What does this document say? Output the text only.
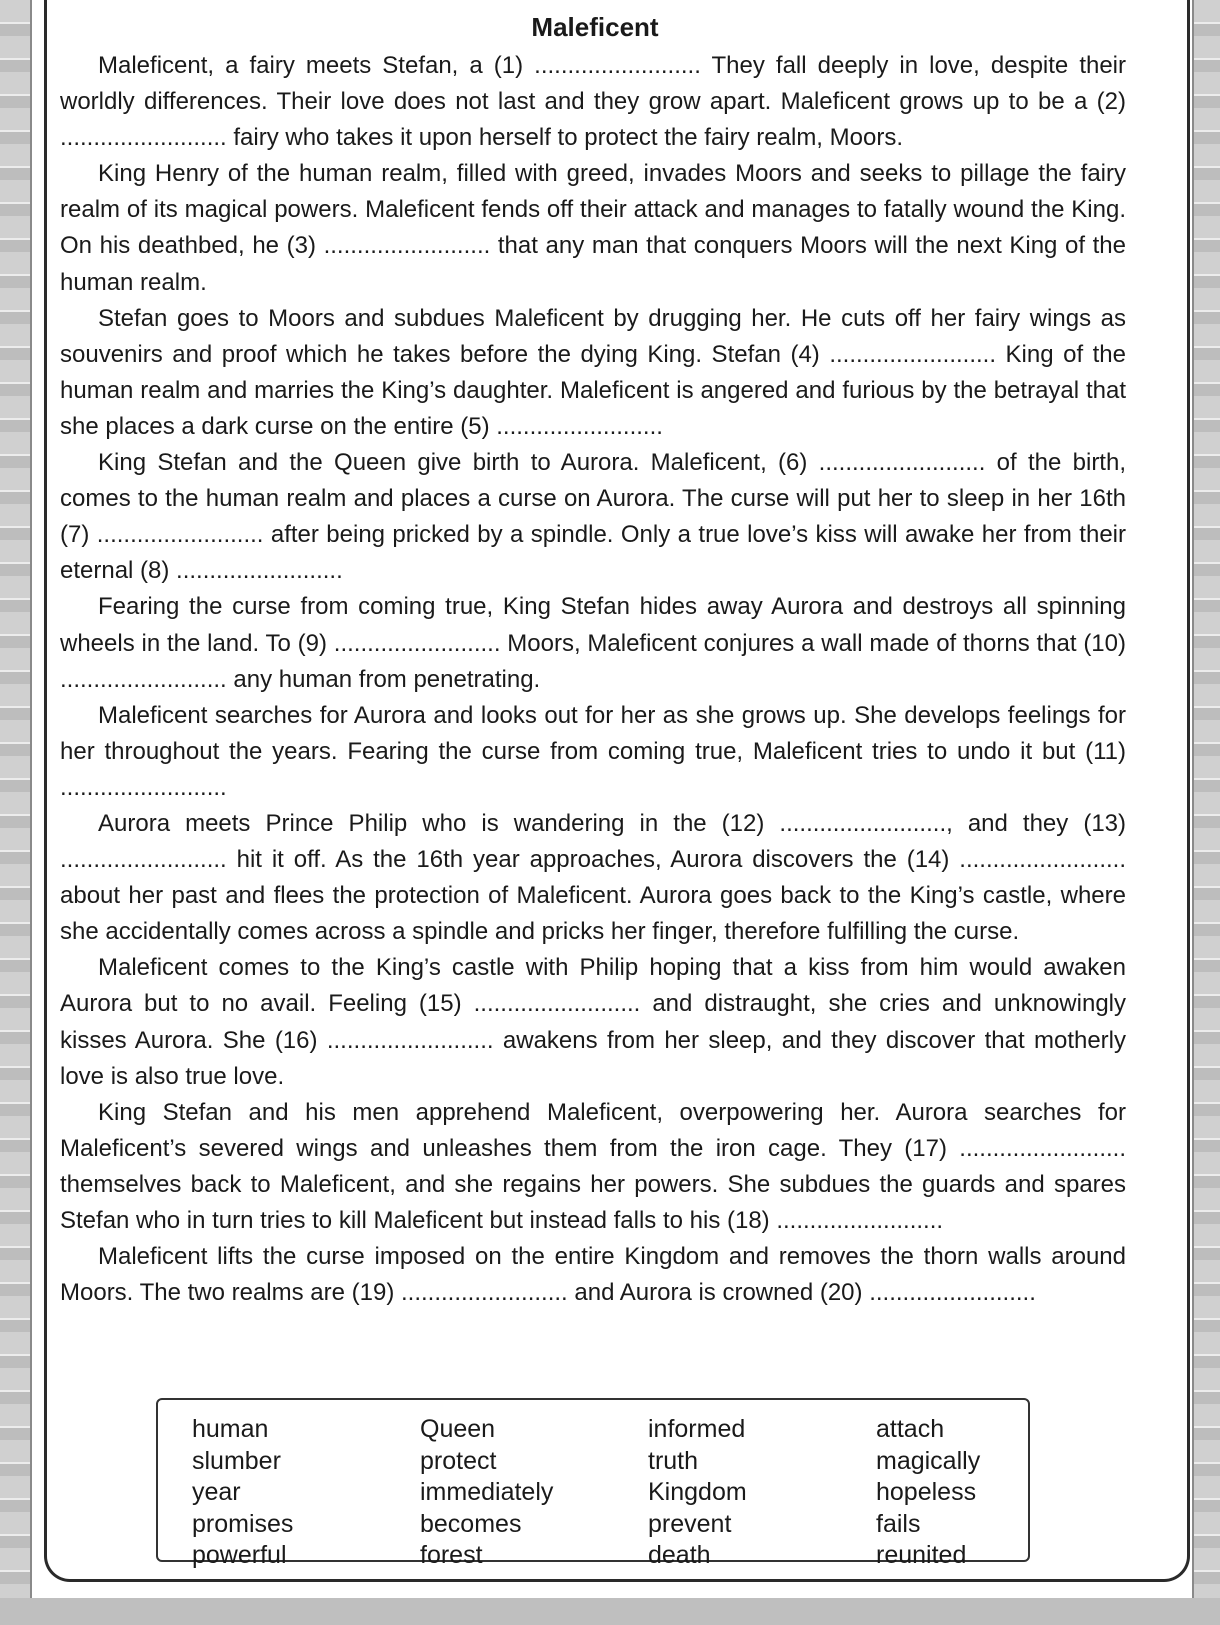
Maleficent

Maleficent, a fairy meets Stefan, a (1) ......................... They fall deeply in love, despite their worldly differences. Their love does not last and they grow apart. Maleficent grows up to be a (2) ......................... fairy who takes it upon herself to protect the fairy realm, Moors.

King Henry of the human realm, filled with greed, invades Moors and seeks to pillage the fairy realm of its magical powers. Maleficent fends off their attack and manages to fatally wound the King. On his deathbed, he (3) ......................... that any man that conquers Moors will the next King of the human realm.

Stefan goes to Moors and subdues Maleficent by drugging her. He cuts off her fairy wings as souvenirs and proof which he takes before the dying King. Stefan (4) ......................... King of the human realm and marries the King’s daughter. Maleficent is angered and furious by the betrayal that she places a dark curse on the entire (5) .........................

King Stefan and the Queen give birth to Aurora. Maleficent, (6) ......................... of the birth, comes to the human realm and places a curse on Aurora. The curse will put her to sleep in her 16th (7) ......................... after being pricked by a spindle. Only a true love’s kiss will awake her from their eternal (8) .........................

Fearing the curse from coming true, King Stefan hides away Aurora and destroys all spinning wheels in the land. To (9) ......................... Moors, Maleficent conjures a wall made of thorns that (10) ......................... any human from penetrating.

Maleficent searches for Aurora and looks out for her as she grows up. She develops feelings for her throughout the years. Fearing the curse from coming true, Maleficent tries to undo it but (11) .........................

Aurora meets Prince Philip who is wandering in the (12) ........................., and they (13) ......................... hit it off. As the 16th year approaches, Aurora discovers the (14) ......................... about her past and flees the protection of Maleficent. Aurora goes back to the King’s castle, where she accidentally comes across a spindle and pricks her finger, therefore fulfilling the curse.

Maleficent comes to the King’s castle with Philip hoping that a kiss from him would awaken Aurora but to no avail. Feeling (15) ......................... and distraught, she cries and unknowingly kisses Aurora. She (16) ......................... awakens from her sleep, and they discover that motherly love is also true love.

King Stefan and his men apprehend Maleficent, overpowering her. Aurora searches for Maleficent’s severed wings and unleashes them from the iron cage. They (17) ......................... themselves back to Maleficent, and she regains her powers. She subdues the guards and spares Stefan who in turn tries to kill Maleficent but instead falls to his (18) .........................

Maleficent lifts the curse imposed on the entire Kingdom and removes the thorn walls around Moors. The two realms are (19) ......................... and Aurora is crowned (20) .........................

human
slumber
year
promises
powerful
Queen
protect
immediately
becomes
forest
informed
truth
Kingdom
prevent
death
attach
magically
hopeless
fails
reunited
